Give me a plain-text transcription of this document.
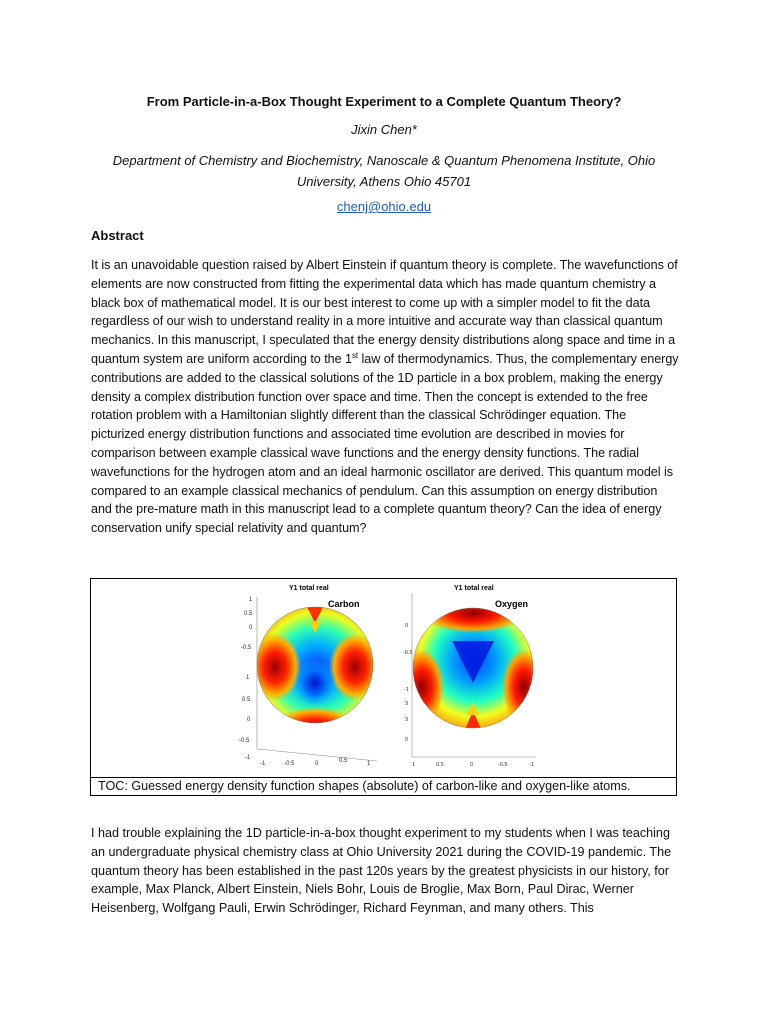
From Particle-in-a-Box Thought Experiment to a Complete Quantum Theory?
Jixin Chen*
Department of Chemistry and Biochemistry, Nanoscale & Quantum Phenomena Institute, Ohio University, Athens Ohio 45701
chenj@ohio.edu
Abstract

It is an unavoidable question raised by Albert Einstein if quantum theory is complete. The wavefunctions of elements are now constructed from fitting the experimental data which has made quantum chemistry a black box of mathematical model. It is our best interest to come up with a simpler model to fit the data regardless of our wish to understand reality in a more intuitive and accurate way than classical quantum mechanics. In this manuscript, I speculated that the energy density distributions along space and time in a quantum system are uniform according to the 1st law of thermodynamics. Thus, the complementary energy contributions are added to the classical solutions of the 1D particle in a box problem, making the energy density a complex distribution function over space and time. Then the concept is extended to the free rotation problem with a Hamiltonian slightly different than the classical Schrödinger equation. The picturized energy distribution functions and associated time evolution are described in movies for comparison between example classical wave functions and the energy density functions. The radial wavefunctions for the hydrogen atom and an ideal harmonic oscillator are derived. This quantum model is compared to an example classical mechanics of pendulum. Can this assumption on energy distribution and the pre-mature math in this manuscript lead to a complete quantum theory? Can the idea of energy conservation unify special relativity and quantum?

TOC: Guessed energy density function shapes (absolute) of carbon-like and oxygen-like atoms.
Y1 total real
Carbon
1
0.5
0
-0.5
1
0.5
0
-0.5
-1
-1	-0.5	0	0.5	1
Y1 total real
Oxygen
0
-0.5
-1
3
3
0
1	0.5	0	-0.5	-1

I had trouble explaining the 1D particle-in-a-box thought experiment to my students when I was teaching an undergraduate physical chemistry class at Ohio University 2021 during the COVID-19 pandemic. The quantum theory has been established in the past 120s years by the greatest physicists in our history, for example, Max Planck, Albert Einstein, Niels Bohr, Louis de Broglie, Max Born, Paul Dirac, Werner Heisenberg, Wolfgang Pauli, Erwin Schrödinger, Richard Feynman, and many others. This
